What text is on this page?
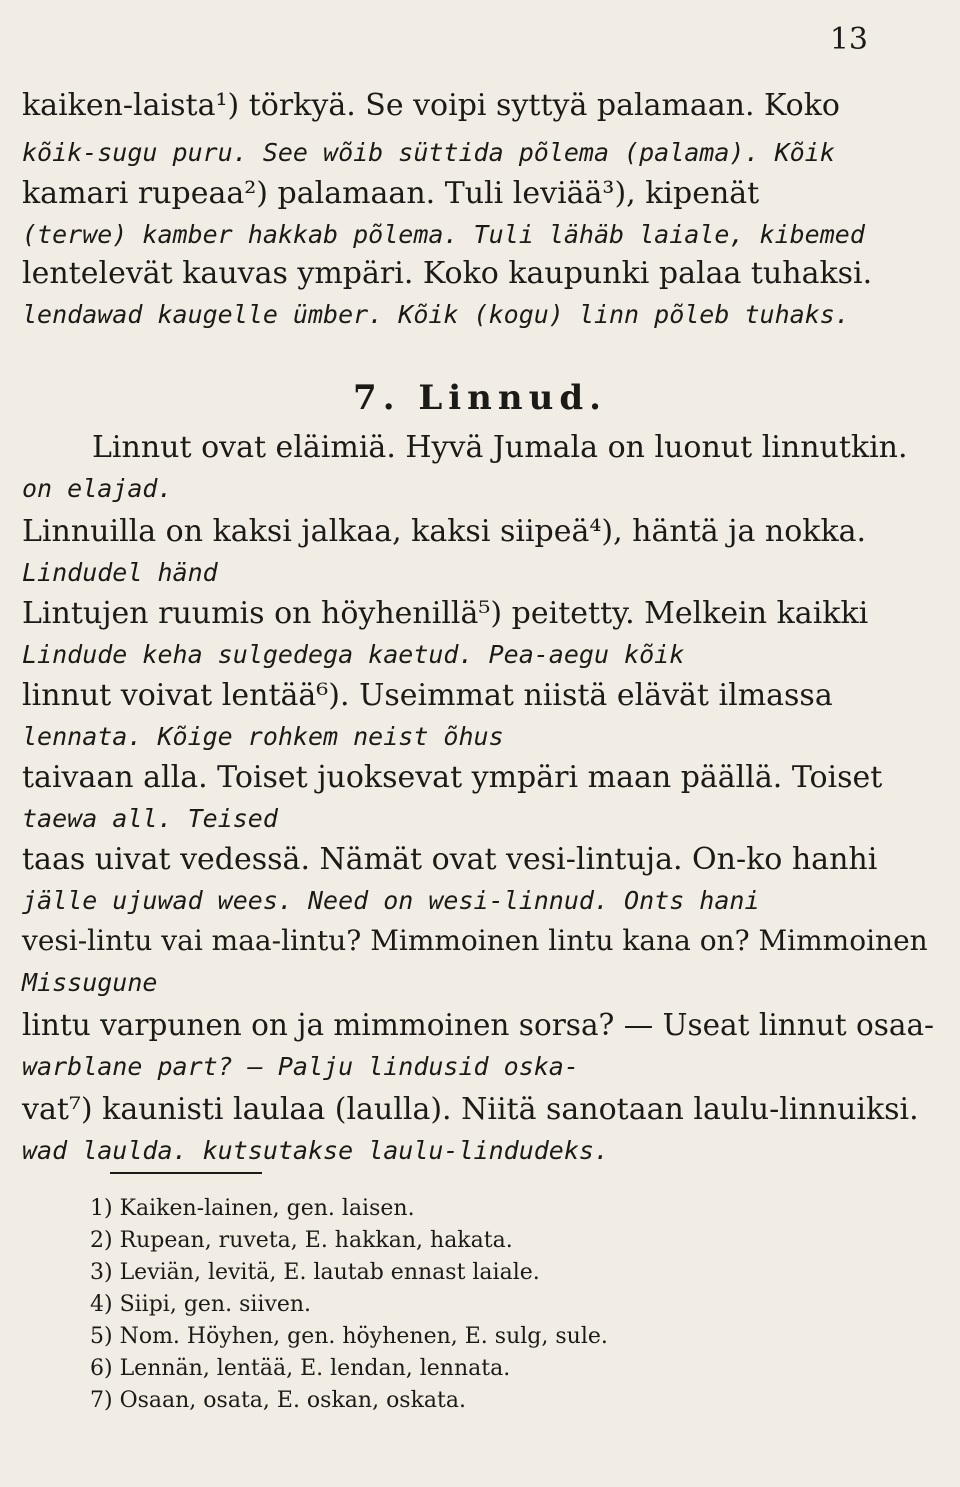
13
kaiken-laista¹) törkyä. Se voipi syttyä palamaan. Koko
kõik-sugu puru. See wõib süttida põlema (palama). Kõik
kamari rupeaa²) palamaan. Tuli leviää³), kipenät
(terwe) kamber hakkab põlema. Tuli lähäb laiale, kibemed
lentelevät kauvas ympäri. Koko kaupunki palaa tuhaksi.
lendawad kaugelle ümber. Kõik (kogu) linn põleb tuhaks.
7. Linnud.
Linnut ovat eläimiä. Hyvä Jumala on luonut linnutkin.
on elajad.
Linnuilla on kaksi jalkaa, kaksi siipeä⁴), häntä ja nokka.
Lindudel händ
Lintujen ruumis on höyhenillä⁵) peitetty. Melkein kaikki
Lindude keha sulgedega kaetud. Pea-aegu kõik
linnut voivat lentää⁶). Useimmat niistä elävät ilmassa
lennata. Kõige rohkem neist õhus
taivaan alla. Toiset juoksevat ympäri maan päällä. Toiset
taewa all. Teised
taas uivat vedessä. Nämät ovat vesi-lintuja. On-ko hanhi
jälle ujuwad wees. Need on wesi-linnud. Onts hani
vesi-lintu vai maa-lintu? Mimmoinen lintu kana on? Mimmoinen
Missugune
lintu varpunen on ja mimmoinen sorsa? — Useat linnut osaa-
warblane part? — Palju lindusid oska-
vat⁷) kaunisti laulaa (laulla). Niitä sanotaan laulu-linnuiksi.
wad laulda. kutsutakse laulu-lindudeks.
1) Kaiken-lainen, gen. laisen.
2) Rupean, ruveta, E. hakkan, hakata.
3) Leviän, levitä, E. lautab ennast laiale.
4) Siipi, gen. siiven.
5) Nom. Höyhen, gen. höyhenen, E. sulg, sule.
6) Lennän, lentää, E. lendan, lennata.
7) Osaan, osata, E. oskan, oskata.
